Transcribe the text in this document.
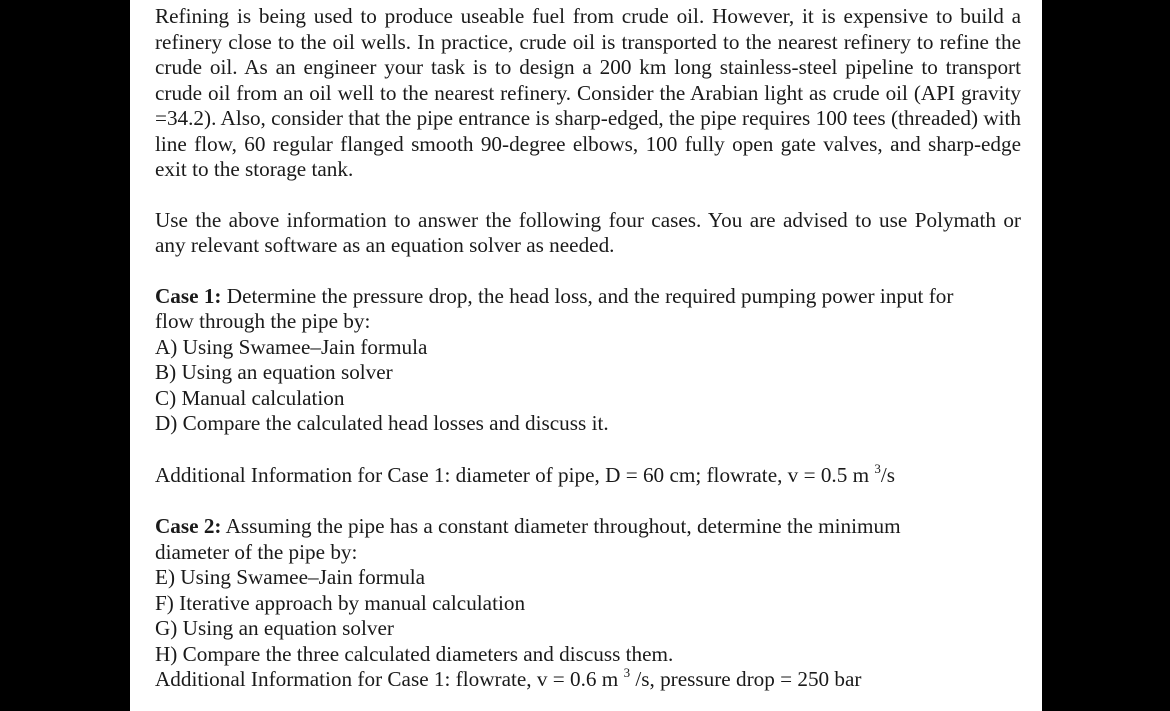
Refining is being used to produce useable fuel from crude oil. However, it is expensive to build a refinery close to the oil wells. In practice, crude oil is transported to the nearest refinery to refine the crude oil. As an engineer your task is to design a 200 km long stainless-steel pipeline to transport crude oil from an oil well to the nearest refinery. Consider the Arabian light as crude oil (API gravity =34.2). Also, consider that the pipe entrance is sharp-edged, the pipe requires 100 tees (threaded) with line flow, 60 regular flanged smooth 90-degree elbows, 100 fully open gate valves, and sharp-edge exit to the storage tank.

Use the above information to answer the following four cases. You are advised to use Polymath or any relevant software as an equation solver as needed.

Case 1: Determine the pressure drop, the head loss, and the required pumping power input for
flow through the pipe by:
A) Using Swamee–Jain formula
B) Using an equation solver
C) Manual calculation
D) Compare the calculated head losses and discuss it.
Additional Information for Case 1: diameter of pipe, D = 60 cm; flowrate, v = 0.5 m $^3$/s
Case 2: Assuming the pipe has a constant diameter throughout, determine the minimum
diameter of the pipe by:
E) Using Swamee–Jain formula
F) Iterative approach by manual calculation
G) Using an equation solver
H) Compare the three calculated diameters and discuss them.
Additional Information for Case 1: flowrate, v = 0.6 m $^3$ /s, pressure drop = 250 bar
